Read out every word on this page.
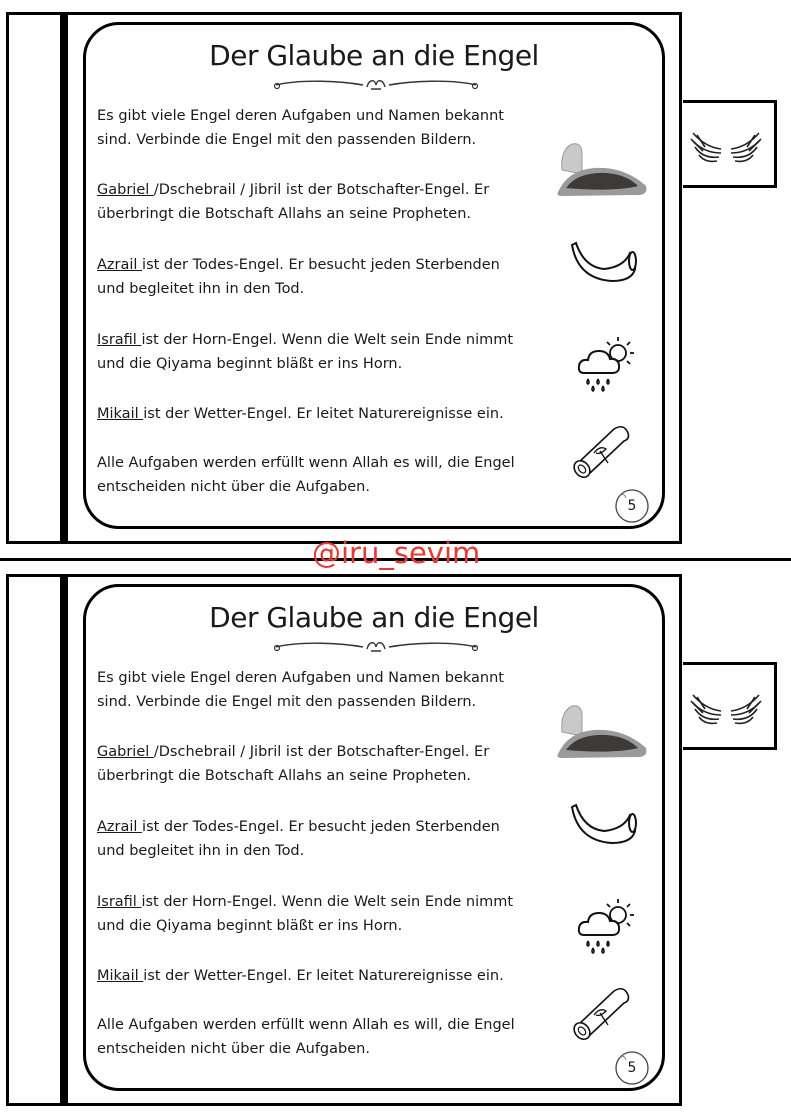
Der Glaube an die Engel

Es gibt viele Engel deren Aufgaben und Namen bekannt sind. Verbinde die Engel mit den passenden Bildern.

Gabriel /Dschebrail / Jibril ist der Botschafter-Engel. Er überbringt die Botschaft Allahs an seine Propheten.

Azrail ist der Todes-Engel. Er besucht jeden Sterbenden und begleitet ihn in den Tod.

Israfil ist der Horn-Engel. Wenn die Welt sein Ende nimmt und die Qiyama beginnt bläßt er ins Horn.

Mikail ist der Wetter-Engel. Er leitet Naturereignisse ein.

Alle Aufgaben werden erfüllt wenn Allah es will, die Engel entscheiden nicht über die Aufgaben.

5
@iru_sevim
Der Glaube an die Engel

Es gibt viele Engel deren Aufgaben und Namen bekannt sind. Verbinde die Engel mit den passenden Bildern.

Gabriel /Dschebrail / Jibril ist der Botschafter-Engel. Er überbringt die Botschaft Allahs an seine Propheten.

Azrail ist der Todes-Engel. Er besucht jeden Sterbenden und begleitet ihn in den Tod.

Israfil ist der Horn-Engel. Wenn die Welt sein Ende nimmt und die Qiyama beginnt bläßt er ins Horn.

Mikail ist der Wetter-Engel. Er leitet Naturereignisse ein.

Alle Aufgaben werden erfüllt wenn Allah es will, die Engel entscheiden nicht über die Aufgaben.

5
